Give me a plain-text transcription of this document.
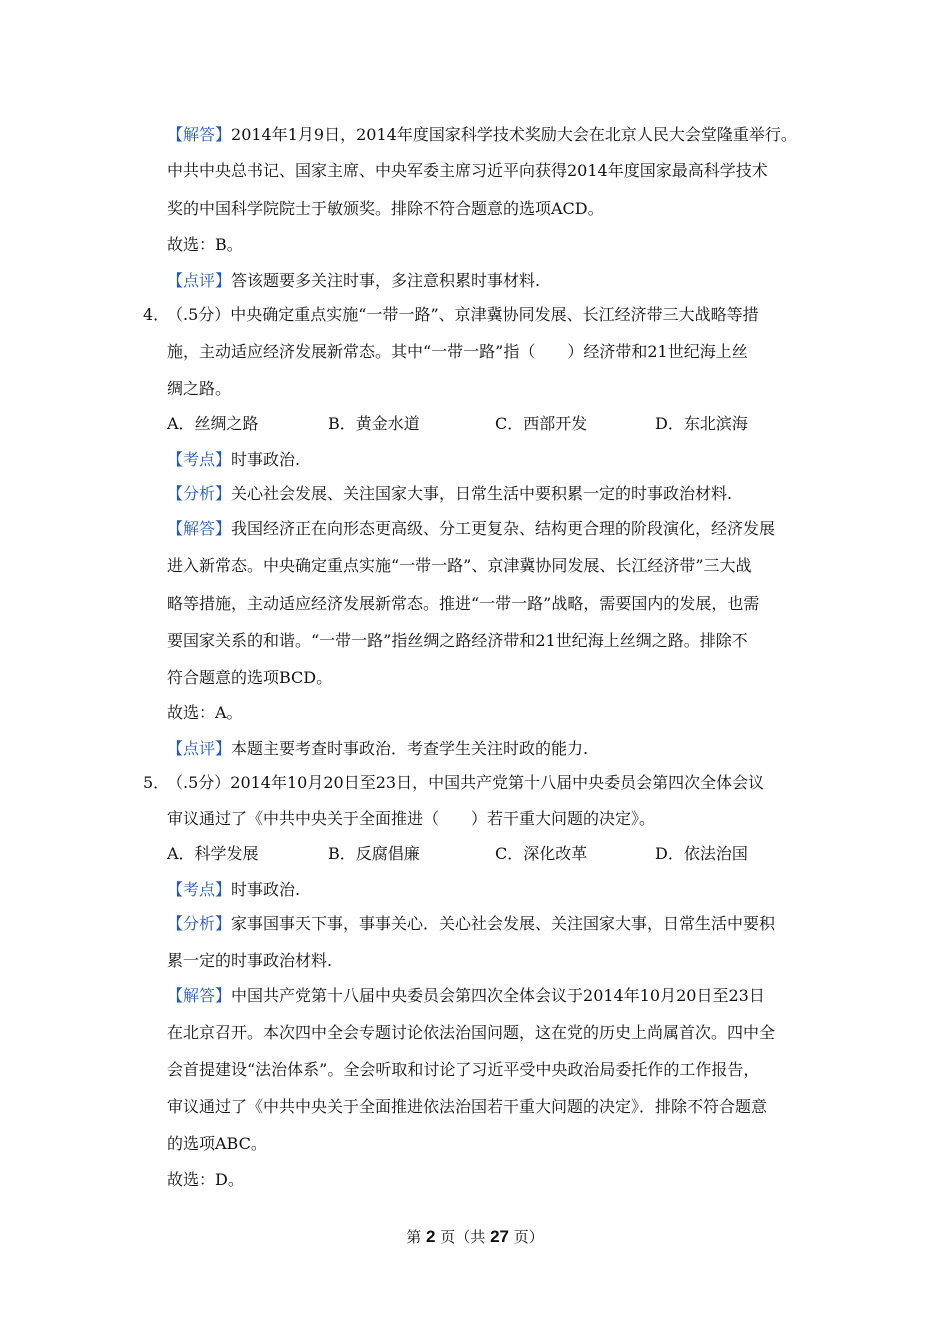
【解答】2014年1月9日，2014年度国家科学技术奖励大会在北京人民大会堂隆重举行。
中共中央总书记、国家主席、中央军委主席习近平向获得2014年度国家最高科学技术
奖的中国科学院院士于敏颁奖。排除不符合题意的选项ACD。
故选：B。
【点评】答该题要多关注时事，多注意积累时事材料.
4．（.5分）中央确定重点实施“一带一路”、京津冀协同发展、长江经济带三大战略等措
施，主动适应经济发展新常态。其中“一带一路”指（　　）经济带和21世纪海上丝
绸之路。
A．丝绸之路	B．黄金水道	C．西部开发	D．东北滨海
【考点】时事政治.
【分析】关心社会发展、关注国家大事，日常生活中要积累一定的时事政治材料.
【解答】我国经济正在向形态更高级、分工更复杂、结构更合理的阶段演化，经济发展
进入新常态。中央确定重点实施“一带一路”、京津冀协同发展、长江经济带”三大战
略等措施，主动适应经济发展新常态。推进“一带一路”战略，需要国内的发展，也需
要国家关系的和谐。“一带一路”指丝绸之路经济带和21世纪海上丝绸之路。排除不
符合题意的选项BCD。
故选：A。
【点评】本题主要考查时事政治．考查学生关注时政的能力.
5．（.5分）2014年10月20日至23日，中国共产党第十八届中央委员会第四次全体会议
审议通过了《中共中央关于全面推进（　　）若干重大问题的决定》。
A．科学发展	B．反腐倡廉	C．深化改革	D．依法治国
【考点】时事政治.
【分析】家事国事天下事，事事关心．关心社会发展、关注国家大事，日常生活中要积
累一定的时事政治材料.
【解答】中国共产党第十八届中央委员会第四次全体会议于2014年10月20日至23日
在北京召开。本次四中全会专题讨论依法治国问题，这在党的历史上尚属首次。四中全
会首提建设“法治体系”。全会听取和讨论了习近平受中央政治局委托作的工作报告，
审议通过了《中共中央关于全面推进依法治国若干重大问题的决定》．排除不符合题意
的选项ABC。
故选：D。
第 2 页（共 27 页）
